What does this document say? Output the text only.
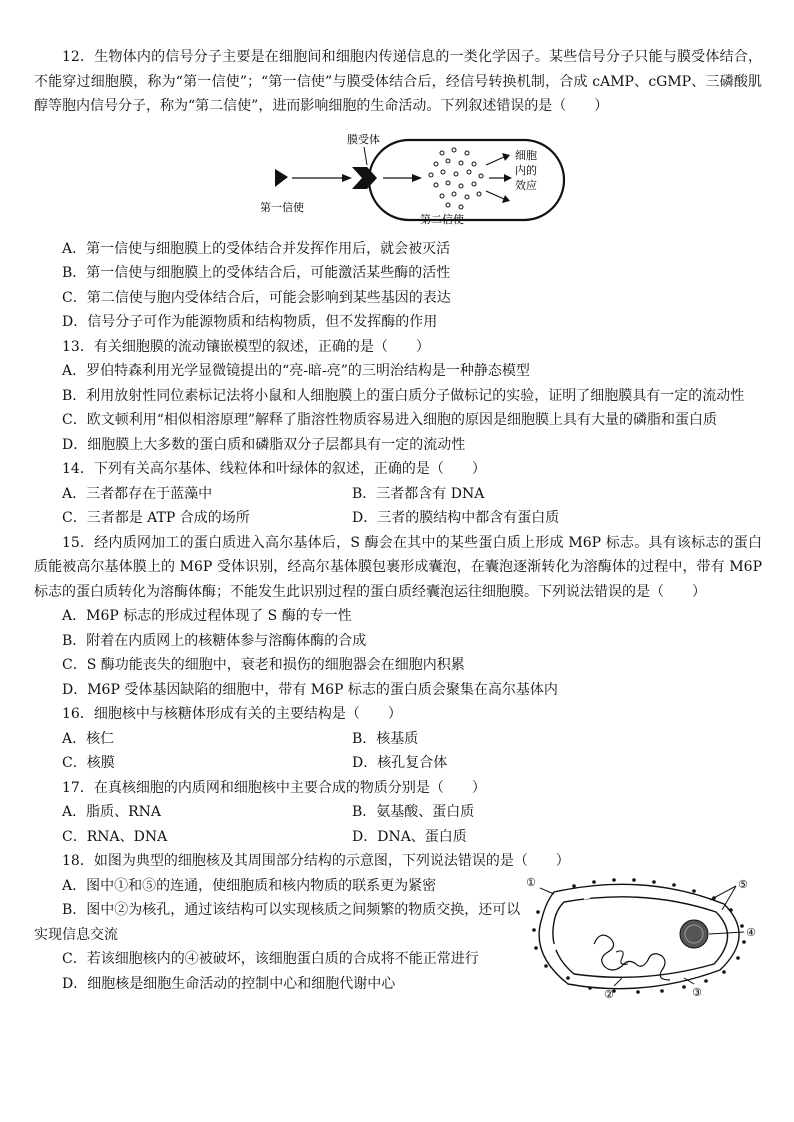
12．生物体内的信号分子主要是在细胞间和细胞内传递信息的一类化学因子。某些信号分子只能与膜受体结合，不能穿过细胞膜，称为“第一信使”；“第一信使”与膜受体结合后，经信号转换机制，合成 cAMP、cGMP、三磷酸肌醇等胞内信号分子，称为“第二信使”，进而影响细胞的生命活动。下列叙述错误的是（　　）

膜受体
第一信使
第二信使
细胞
内的
效应

A．第一信使与细胞膜上的受体结合并发挥作用后，就会被灭活

B．第一信使与细胞膜上的受体结合后，可能激活某些酶的活性

C．第二信使与胞内受体结合后，可能会影响到某些基因的表达

D．信号分子可作为能源物质和结构物质，但不发挥酶的作用

13．有关细胞膜的流动镶嵌模型的叙述，正确的是（　　）

A．罗伯特森利用光学显微镜提出的“亮-暗-亮”的三明治结构是一种静态模型

B．利用放射性同位素标记法将小鼠和人细胞膜上的蛋白质分子做标记的实验，证明了细胞膜具有一定的流动性

C．欧文顿利用“相似相溶原理”解释了脂溶性物质容易进入细胞的原因是细胞膜上具有大量的磷脂和蛋白质

D．细胞膜上大多数的蛋白质和磷脂双分子层都具有一定的流动性

14．下列有关高尔基体、线粒体和叶绿体的叙述，正确的是（　　）

A．三者都存在于蓝藻中	B．三者都含有 DNA
C．三者都是 ATP 合成的场所	D．三者的膜结构中都含有蛋白质

15．经内质网加工的蛋白质进入高尔基体后，S 酶会在其中的某些蛋白质上形成 M6P 标志。具有该标志的蛋白质能被高尔基体膜上的 M6P 受体识别，经高尔基体膜包裹形成囊泡，在囊泡逐渐转化为溶酶体的过程中，带有 M6P 标志的蛋白质转化为溶酶体酶；不能发生此识别过程的蛋白质经囊泡运往细胞膜。下列说法错误的是（　　）

A．M6P 标志的形成过程体现了 S 酶的专一性

B．附着在内质网上的核糖体参与溶酶体酶的合成

C．S 酶功能丧失的细胞中，衰老和损伤的细胞器会在细胞内积累

D．M6P 受体基因缺陷的细胞中，带有 M6P 标志的蛋白质会聚集在高尔基体内

16．细胞核中与核糖体形成有关的主要结构是（　　）

A．核仁	B．核基质
C．核膜	D．核孔复合体

17．在真核细胞的内质网和细胞核中主要合成的物质分别是（　　）

A．脂质、RNA	B．氨基酸、蛋白质
C．RNA、DNA	D．DNA、蛋白质

18．如图为典型的细胞核及其周围部分结构的示意图，下列说法错误的是（　　）

①	⑤
④
②	③

A．图中①和⑤的连通，使细胞质和核内物质的联系更为紧密

B．图中②为核孔，通过该结构可以实现核质之间频繁的物质交换，还可以实现信息交流

C．若该细胞核内的④被破坏，该细胞蛋白质的合成将不能正常进行

D．细胞核是细胞生命活动的控制中心和细胞代谢中心
